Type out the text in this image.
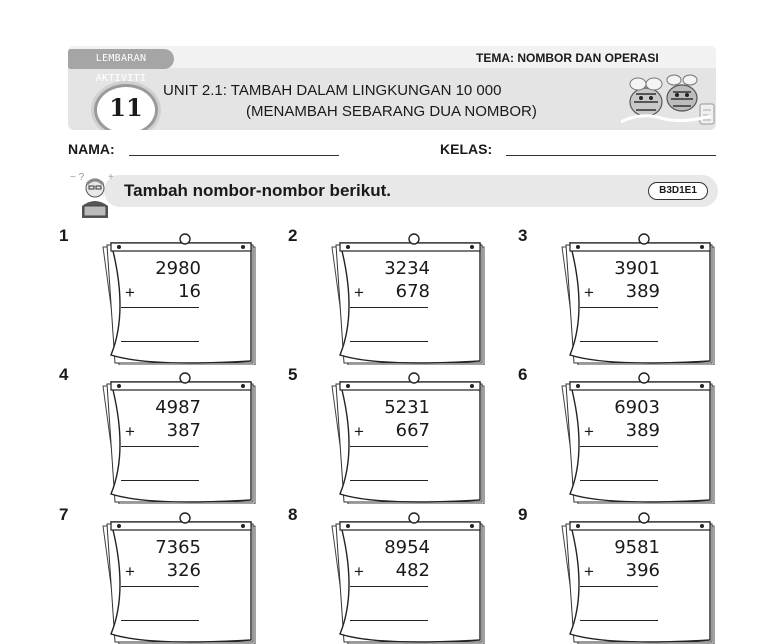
LEMBARAN AKTIVITI
TEMA: NOMBOR DAN OPERASI
11
UNIT 2.1: TAMBAH DALAM LINGKUNGAN 10 000
(MENAMBAH SEBARANG DUA NOMBOR)
NAMA:	KELAS:
Tambah nombor-nombor berikut.	B3D1E1
− ? +
1
2980
+ 16
2
3234
+ 678
3
3901
+ 389
4
4987
+ 387
5
5231
+ 667
6
6903
+ 389
7
7365
+ 326
8
8954
+ 482
9
9581
+ 396
